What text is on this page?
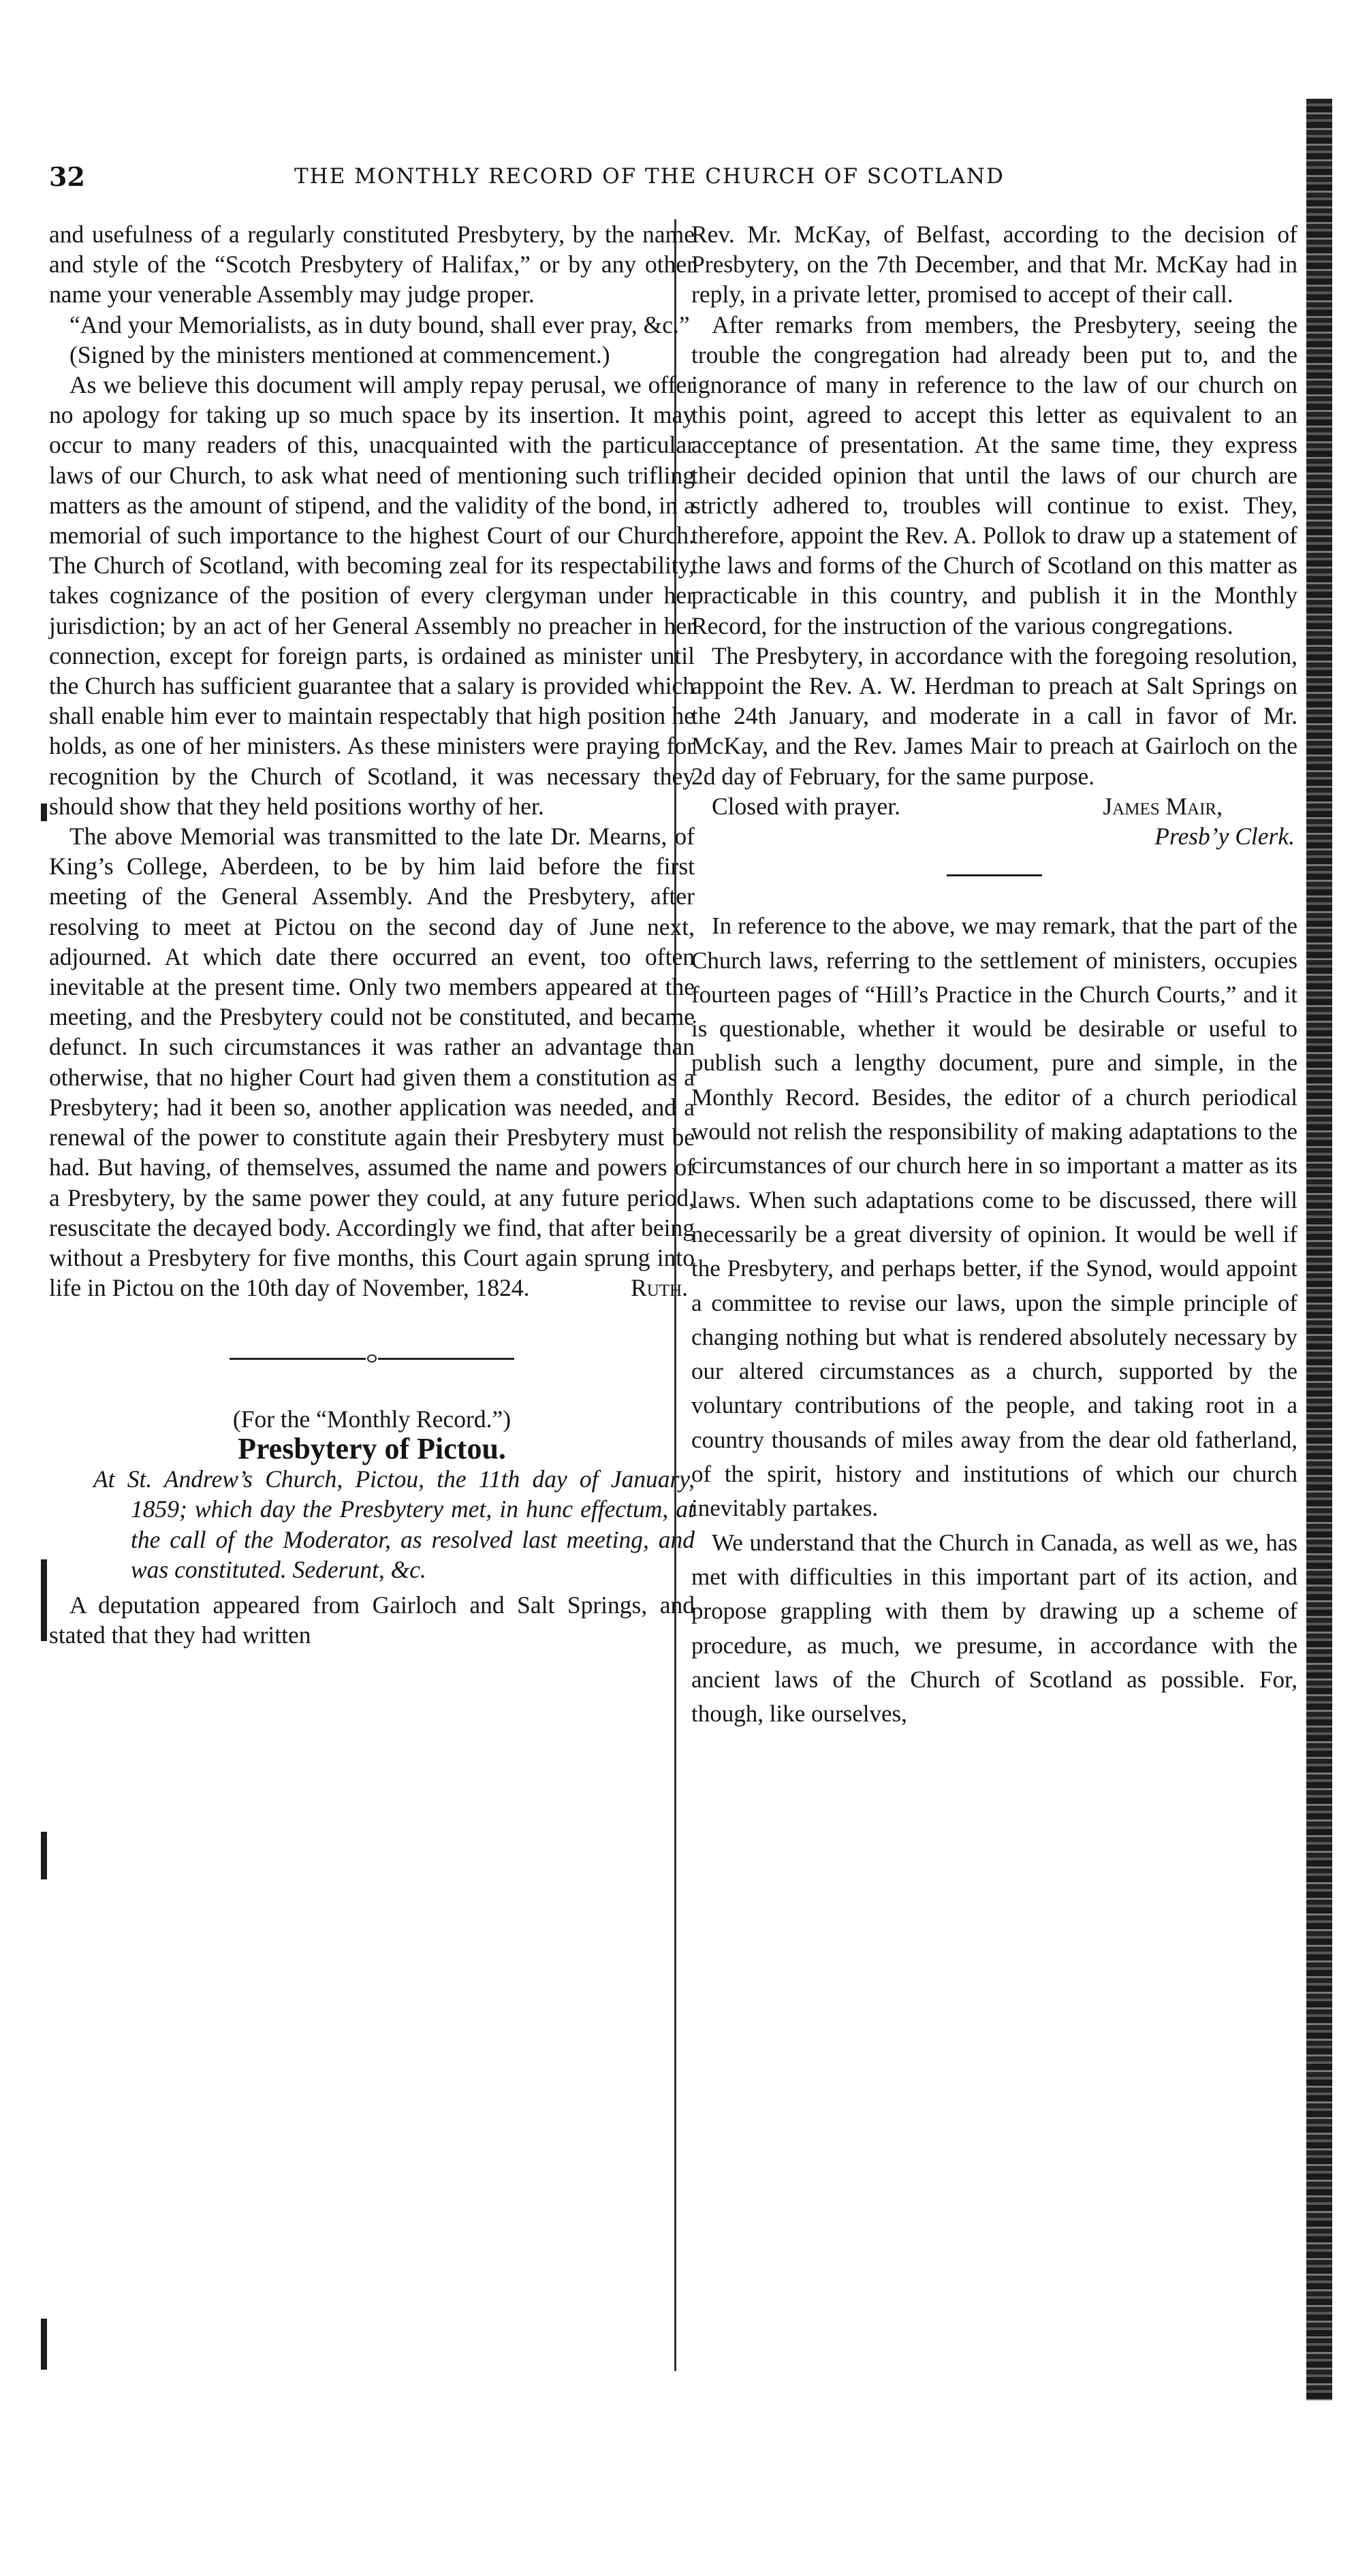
32	THE MONTHLY RECORD OF THE CHURCH OF SCOTLAND

and usefulness of a regularly constituted Presbytery, by the name and style of the “Scotch Presbytery of Halifax,” or by any other name your venerable Assembly may judge proper.

“And your Memorialists, as in duty bound, shall ever pray, &c.”

(Signed by the ministers mentioned at commencement.)

As we believe this document will amply repay perusal, we offer no apology for taking up so much space by its insertion. It may occur to many readers of this, unacquainted with the particular laws of our Church, to ask what need of mentioning such trifling matters as the amount of stipend, and the validity of the bond, in a memorial of such importance to the highest Court of our Church. The Church of Scotland, with becoming zeal for its respectability, takes cognizance of the position of every clergyman under her jurisdiction; by an act of her General Assembly no preacher in her connection, except for foreign parts, is ordained as minister until the Church has sufficient guarantee that a salary is provided which shall enable him ever to maintain respectably that high position he holds, as one of her ministers. As these ministers were praying for recognition by the Church of Scotland, it was necessary they should show that they held positions worthy of her.

The above Memorial was transmitted to the late Dr. Mearns, of King’s College, Aberdeen, to be by him laid before the first meeting of the General Assembly. And the Presbytery, after resolving to meet at Pictou on the second day of June next, adjourned. At which date there occurred an event, too often inevitable at the present time. Only two members appeared at the meeting, and the Presbytery could not be constituted, and became defunct. In such circumstances it was rather an advantage than otherwise, that no higher Court had given them a constitution as a Presbytery; had it been so, another application was needed, and a renewal of the power to constitute again their Presbytery must be had. But having, of themselves, assumed the name and powers of a Presbytery, by the same power they could, at any future period, resuscitate the decayed body. Accordingly we find, that after being without a Presbytery for five months, this Court again sprung into life in Pictou on the 10th day of November, 1824.	Ruth.

(For the “Monthly Record.”)

Presbytery of Pictou.

At St. Andrew’s Church, Pictou, the 11th day of January, 1859; which day the Presbytery met, in hunc effectum, at the call of the Moderator, as resolved last meeting, and was constituted. Sederunt, &c.

A deputation appeared from Gairloch and Salt Springs, and stated that they had written

Rev. Mr. McKay, of Belfast, according to the decision of Presbytery, on the 7th December, and that Mr. McKay had in reply, in a private letter, promised to accept of their call.

After remarks from members, the Presbytery, seeing the trouble the congregation had already been put to, and the ignorance of many in reference to the law of our church on this point, agreed to accept this letter as equivalent to an acceptance of presentation. At the same time, they express their decided opinion that until the laws of our church are strictly adhered to, troubles will continue to exist. They, therefore, appoint the Rev. A. Pollok to draw up a statement of the laws and forms of the Church of Scotland on this matter as practicable in this country, and publish it in the Monthly Record, for the instruction of the various congregations.

The Presbytery, in accordance with the foregoing resolution, appoint the Rev. A. W. Herdman to preach at Salt Springs on the 24th January, and moderate in a call in favor of Mr. McKay, and the Rev. James Mair to preach at Gairloch on the 2d day of February, for the same purpose.

Closed with prayer.	James Mair,

Presb’y Clerk.

In reference to the above, we may remark, that the part of the Church laws, referring to the settlement of ministers, occupies fourteen pages of “Hill’s Practice in the Church Courts,” and it is questionable, whether it would be desirable or useful to publish such a lengthy document, pure and simple, in the Monthly Record. Besides, the editor of a church periodical would not relish the responsibility of making adaptations to the circumstances of our church here in so important a matter as its laws. When such adaptations come to be discussed, there will necessarily be a great diversity of opinion. It would be well if the Presbytery, and perhaps better, if the Synod, would appoint a committee to revise our laws, upon the simple principle of changing nothing but what is rendered absolutely necessary by our altered circumstances as a church, supported by the voluntary contributions of the people, and taking root in a country thousands of miles away from the dear old fatherland, of the spirit, history and institutions of which our church inevitably partakes.

We understand that the Church in Canada, as well as we, has met with difficulties in this important part of its action, and propose grappling with them by drawing up a scheme of procedure, as much, we presume, in accordance with the ancient laws of the Church of Scotland as possible. For, though, like ourselves,
